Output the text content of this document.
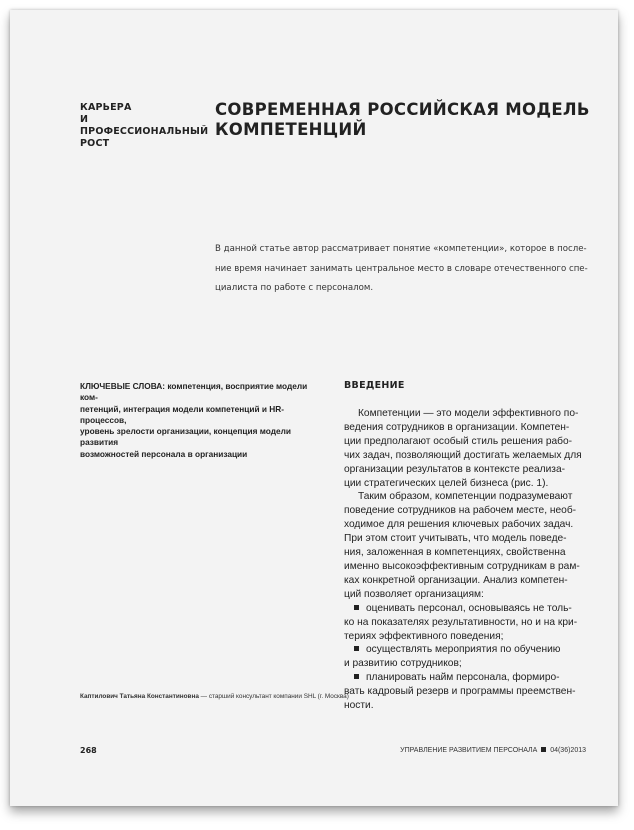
КАРЬЕРА
И ПРОФЕССИОНАЛЬНЫЙ
РОСТ
СОВРЕМЕННАЯ РОССИЙСКАЯ МОДЕЛЬ
КОМПЕТЕНЦИЙ
В данной статье автор рассматривает понятие «компетенции», которое в после-
ние время начинает занимать центральное место в словаре отечественного спе-
циалиста по работе с персоналом.
КЛЮЧЕВЫЕ СЛОВА: компетенция, восприятие модели ком-
петенций, интеграция модели компетенций и HR-процессов,
уровень зрелости организации, концепция модели развития
возможностей персонала в организации
ВВЕДЕНИЕ

Компетенции — это модели эффективного по-

ведения сотрудников в организации. Компетен-
ции предполагают особый стиль решения рабо-
чих задач, позволяющий достигать желаемых для
организации результатов в контексте реализа-
ции стратегических целей бизнеса (рис. 1).

Таким образом, компетенции подразумевают

поведение сотрудников на рабочем месте, необ-
ходимое для решения ключевых рабочих задач.
При этом стоит учитывать, что модель поведе-
ния, заложенная в компетенциях, свойственна
именно высокоэффективным сотрудникам в рам-
ках конкретной организации. Анализ компетен-
ций позволяет организациям:

оценивать персонал, основываясь не толь-

ко на показателях результативности, но и на кри-
териях эффективного поведения;

осуществлять мероприятия по обучению

и развитию сотрудников;

планировать найм персонала, формиро-

вать кадровый резерв и программы преемствен-
ности.

Каптилович Татьяна Константиновна — старший консультант компании SHL (г. Москва)
268	УПРАВЛЕНИЕ РАЗВИТИЕМ ПЕРСОНАЛА 04(36)2013
